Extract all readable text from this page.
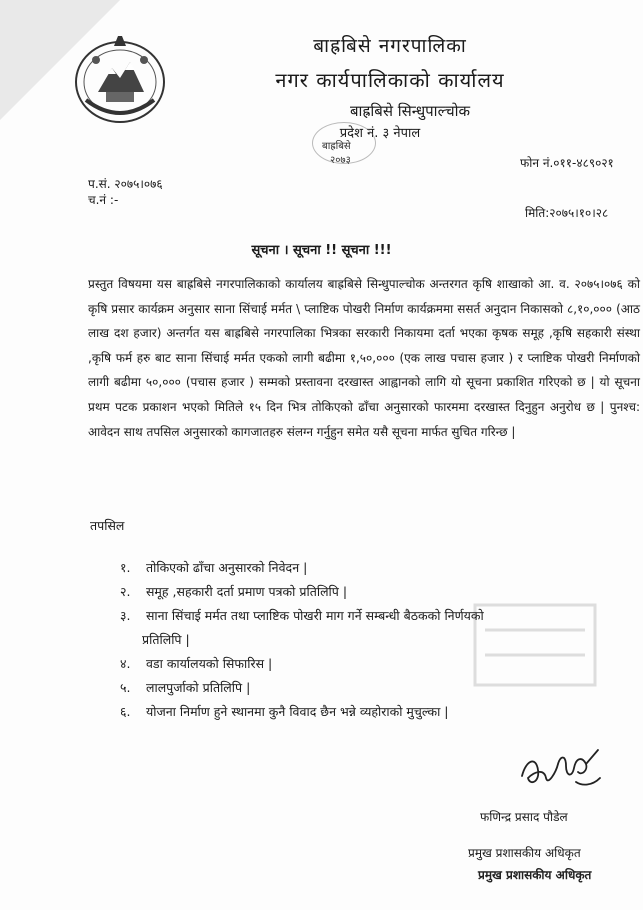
बाह्रबिसे नगरपालिका
नगर कार्यपालिकाको कार्यालय
बाह्रबिसे सिन्धुपाल्चोक
प्रदेश नं. ३ नेपाल
बाह्रबिसे
२०७३	फोन नं.०११-४८९०२१
प.सं. २०७५।०७६
च.नं :-
मिति:२०७५।१०।२८
सूचना । सूचना !! सूचना !!!
प्रस्तुत विषयमा यस बाह्रबिसे नगरपालिकाको कार्यालय बाह्रबिसे सिन्धुपाल्चोक अन्तरगत कृषि शाखाको आ. व. २०७५।०७६ को कृषि प्रसार कार्यक्रम अनुसार साना सिंचाई मर्मत \ प्लाष्टिक पोखरी निर्माण कार्यक्रममा ससर्त अनुदान निकासको ८,१०,००० (आठ लाख दश हजार) अन्तर्गत यस बाह्रबिसे नगरपालिका भित्रका सरकारी निकायमा दर्ता भएका कृषक समूह ,कृषि सहकारी संस्था ,कृषि फर्म हरु बाट साना सिंचाई मर्मत एकको लागी बढीमा १,५०,००० (एक लाख पचास हजार ) र प्लाष्टिक पोखरी निर्माणको लागी बढीमा ५०,००० (पचास हजार ) सम्मको प्रस्तावना दरखास्त आह्वानको लागि यो सूचना प्रकाशित गरिएको छ | यो सूचना प्रथम पटक प्रकाशन भएको मितिले १५ दिन भित्र तोकिएको ढाँचा अनुसारको फारममा दरखास्त दिनुहुन अनुरोध छ | पुनश्च: आवेदन साथ तपसिल अनुसारको कागजातहरु संलग्न गर्नुहुन समेत यसै सूचना मार्फत सुचित गरिन्छ |
तपसिल
१. तोकिएको ढाँचा अनुसारको निवेदन |
२. समूह ,सहकारी दर्ता प्रमाण पत्रको प्रतिलिपि |
३. साना सिंचाई मर्मत तथा प्लाष्टिक पोखरी माग गर्ने सम्बन्धी बैठकको निर्णयको
प्रतिलिपि |
४. वडा कार्यालयको सिफारिस |
५. लालपुर्जाको प्रतिलिपि |
६. योजना निर्माण हुने स्थानमा कुनै विवाद छैन भन्ने व्यहोराको मुचुल्का |
फणिन्द्र प्रसाद पौडेल
प्रमुख प्रशासकीय अधिकृत
प्रमुख प्रशासकीय अधिकृत
